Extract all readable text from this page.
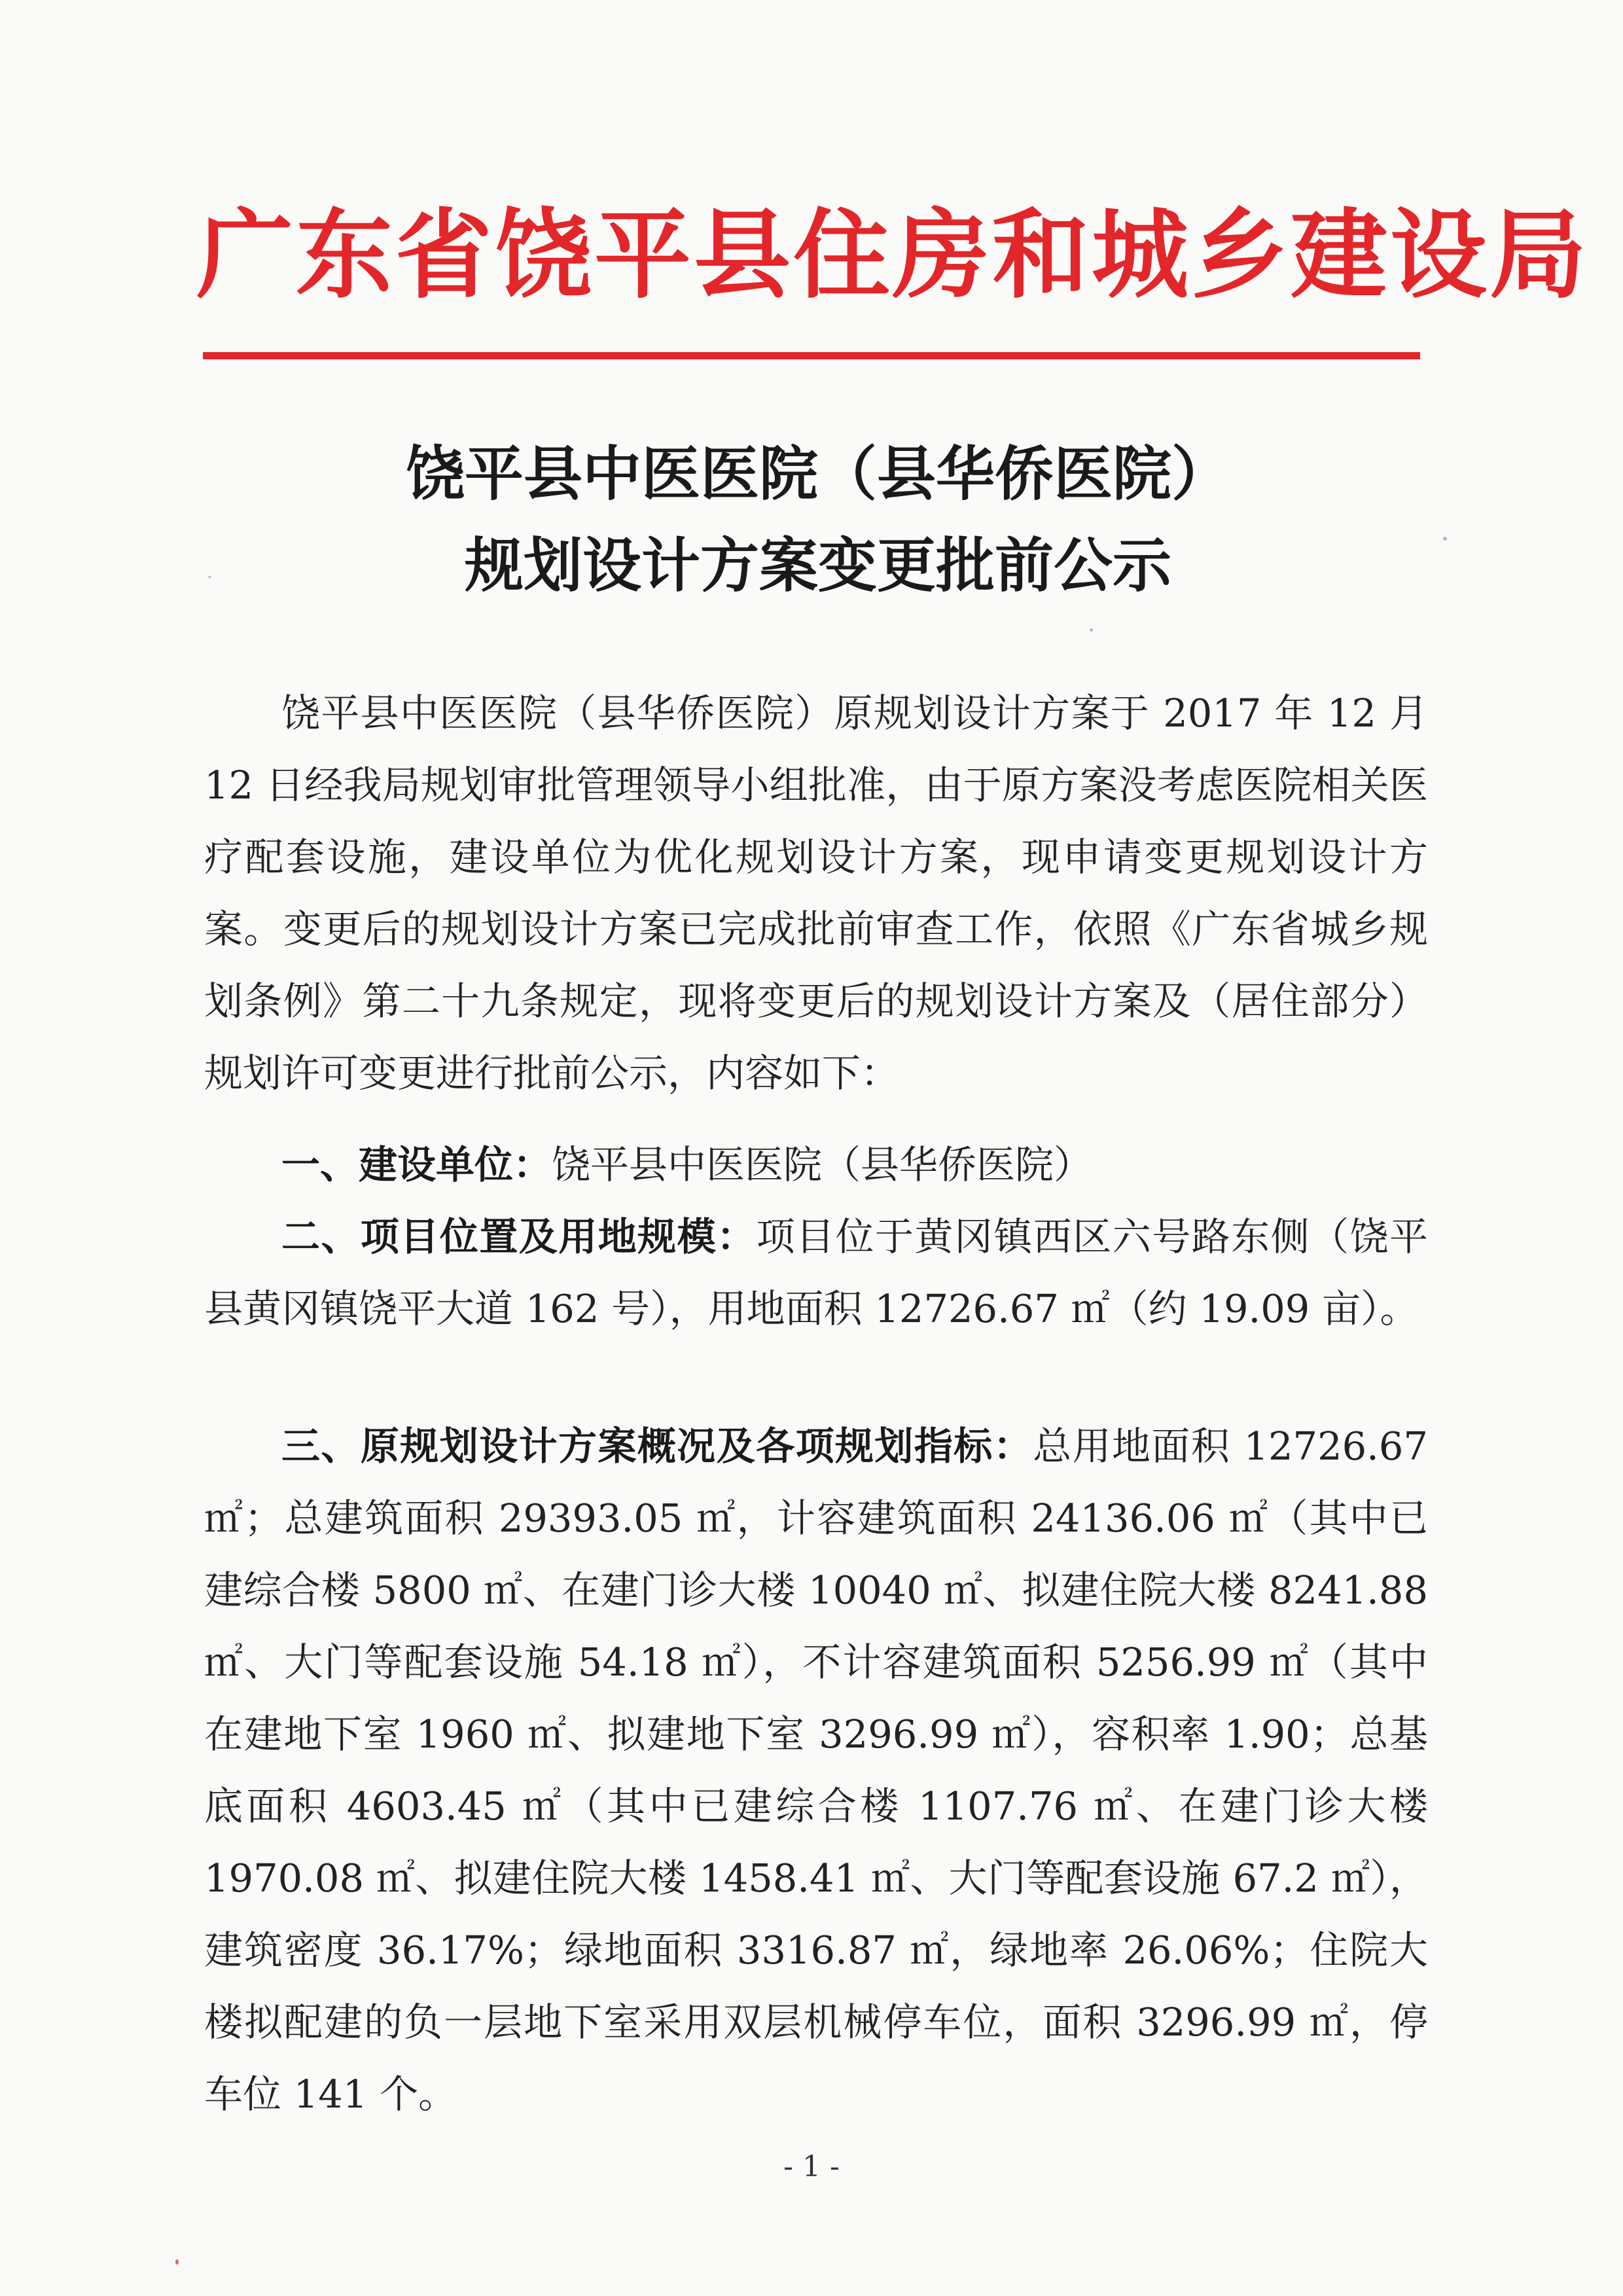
广东省饶平县住房和城乡建设局
饶平县中医医院（县华侨医院）
规划设计方案变更批前公示

饶平县中医医院（县华侨医院）原规划设计方案于 2017 年 12 月 12 日经我局规划审批管理领导小组批准，由于原方案没考虑医院相关医疗配套设施，建设单位为优化规划设计方案，现申请变更规划设计方案。变更后的规划设计方案已完成批前审查工作，依照《广东省城乡规划条例》第二十九条规定，现将变更后的规划设计方案及（居住部分）规划许可变更进行批前公示，内容如下：

一、建设单位：饶平县中医医院（县华侨医院）

二、项目位置及用地规模：项目位于黄冈镇西区六号路东侧（饶平县黄冈镇饶平大道 162 号），用地面积 12726.67 ㎡（约 19.09 亩）。

三、原规划设计方案概况及各项规划指标：总用地面积 12726.67 ㎡；总建筑面积 29393.05 ㎡，计容建筑面积 24136.06 ㎡（其中已建综合楼 5800 ㎡、在建门诊大楼 10040 ㎡、拟建住院大楼 8241.88 ㎡、大门等配套设施 54.18 ㎡），不计容建筑面积 5256.99 ㎡（其中在建地下室 1960 ㎡、拟建地下室 3296.99 ㎡），容积率 1.90；总基底面积 4603.45 ㎡（其中已建综合楼 1107.76 ㎡、在建门诊大楼 1970.08 ㎡、拟建住院大楼 1458.41 ㎡、大门等配套设施 67.2 ㎡），建筑密度 36.17%；绿地面积 3316.87 ㎡，绿地率 26.06%；住院大楼拟配建的负一层地下室采用双层机械停车位，面积 3296.99 ㎡，停车位 141 个。

- 1 -
